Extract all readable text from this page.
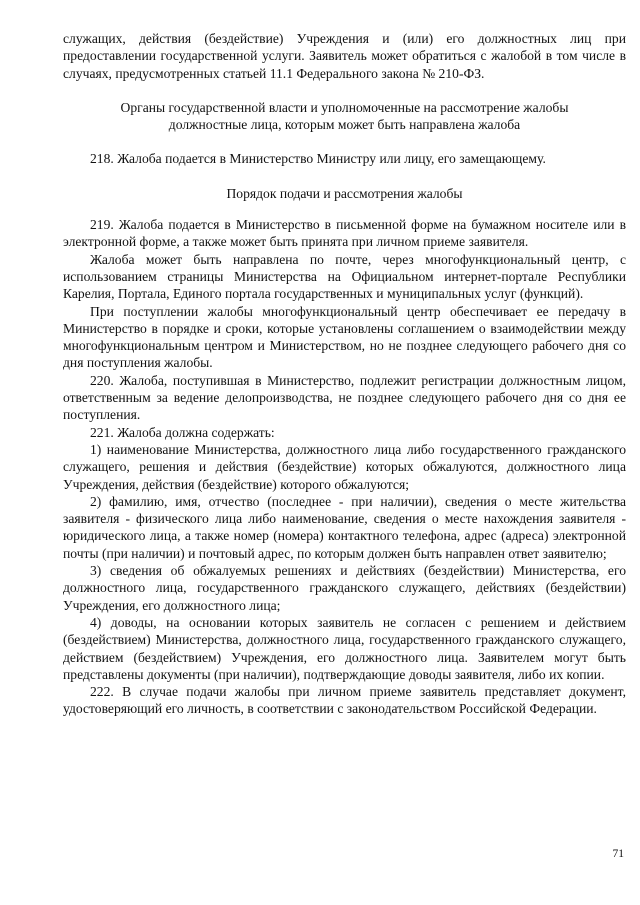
служащих, действия (бездействие) Учреждения и (или) его должностных лиц при предоставлении государственной услуги. Заявитель может обратиться с жалобой в том числе в случаях, предусмотренных статьей 11.1 Федерального закона № 210-ФЗ.

Органы государственной власти и уполномоченные на рассмотрение жалобы

должностные лица, которым может быть направлена жалоба

218. Жалоба подается в Министерство Министру или лицу, его замещающему.

Порядок подачи и рассмотрения жалобы

219. Жалоба подается в Министерство в письменной форме на бумажном носителе или в электронной форме, а также может быть принята при личном приеме заявителя.

Жалоба может быть направлена по почте, через многофункциональный центр, с использованием страницы Министерства на Официальном интернет-портале Республики Карелия, Портала, Единого портала государственных и муниципальных услуг (функций).

При поступлении жалобы многофункциональный центр обеспечивает ее передачу в Министерство в порядке и сроки, которые установлены соглашением о взаимодействии между многофункциональным центром и Министерством, но не позднее следующего рабочего дня со дня поступления жалобы.

220. Жалоба, поступившая в Министерство, подлежит регистрации должностным лицом, ответственным за ведение делопроизводства, не позднее следующего рабочего дня со дня ее поступления.

221. Жалоба должна содержать:

1) наименование Министерства, должностного лица либо государственного гражданского служащего, решения и действия (бездействие) которых обжалуются, должностного лица Учреждения, действия (бездействие) которого обжалуются;

2) фамилию, имя, отчество (последнее - при наличии), сведения о месте жительства заявителя - физического лица либо наименование, сведения о месте нахождения заявителя - юридического лица, а также номер (номера) контактного телефона, адрес (адреса) электронной почты (при наличии) и почтовый адрес, по которым должен быть направлен ответ заявителю;

3) сведения об обжалуемых решениях и действиях (бездействии) Министерства, его должностного лица, государственного гражданского служащего, действиях (бездействии) Учреждения, его должностного лица;

4) доводы, на основании которых заявитель не согласен с решением и действием (бездействием) Министерства, должностного лица, государственного гражданского служащего, действием (бездействием) Учреждения, его должностного лица. Заявителем могут быть представлены документы (при наличии), подтверждающие доводы заявителя, либо их копии.

222. В случае подачи жалобы при личном приеме заявитель представляет документ, удостоверяющий его личность, в соответствии с законодательством Российской Федерации.

71
